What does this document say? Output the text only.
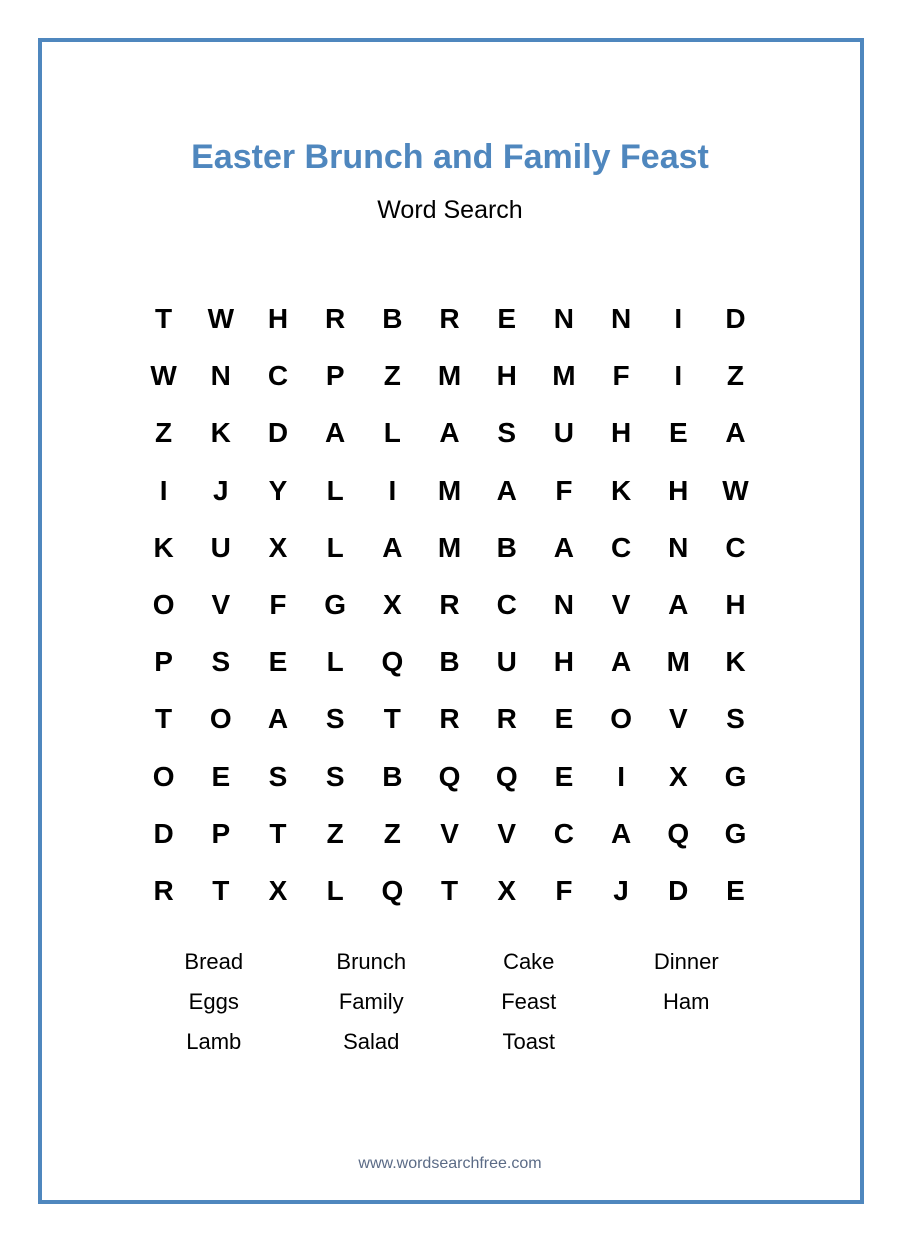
Easter Brunch and Family Feast
Word Search
T	W	H	R	B	R	E	N	N	I	D
W	N	C	P	Z	M	H	M	F	I	Z
Z	K	D	A	L	A	S	U	H	E	A
I	J	Y	L	I	M	A	F	K	H	W
K	U	X	L	A	M	B	A	C	N	C
O	V	F	G	X	R	C	N	V	A	H
P	S	E	L	Q	B	U	H	A	M	K
T	O	A	S	T	R	R	E	O	V	S
O	E	S	S	B	Q	Q	E	I	X	G
D	P	T	Z	Z	V	V	C	A	Q	G
R	T	X	L	Q	T	X	F	J	D	E
Bread	Brunch	Cake	Dinner
Eggs	Family	Feast	Ham
Lamb	Salad	Toast
www.wordsearchfree.com
